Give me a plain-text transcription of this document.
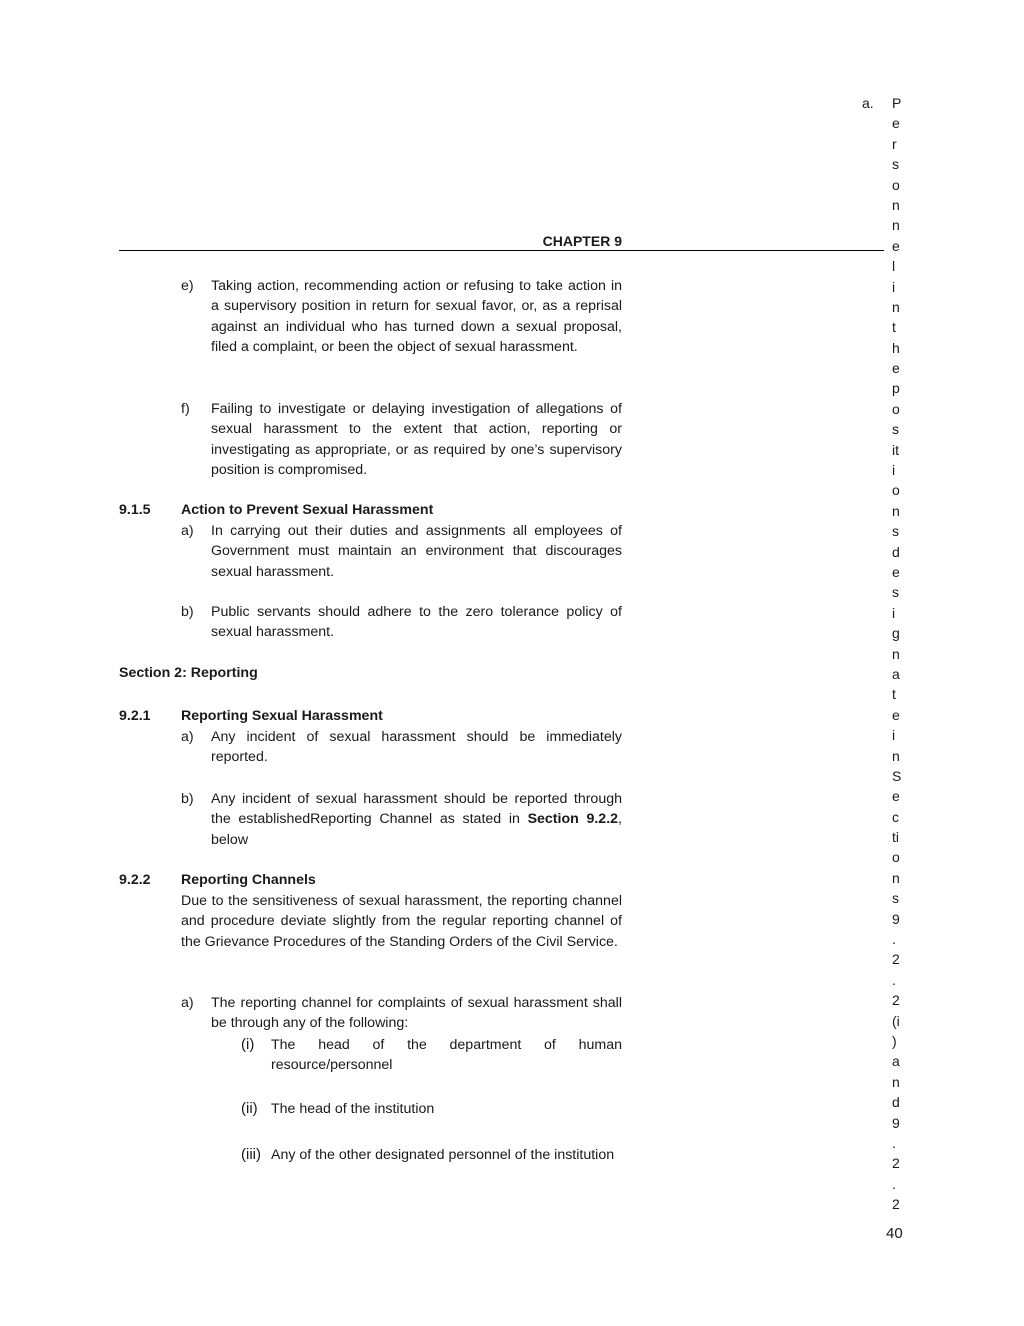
CHAPTER 9
e) Taking action, recommending action or refusing to take action in a supervisory position in return for sexual favor, or, as a reprisal against an individual who has turned down a sexual proposal, filed a complaint, or been the object of sexual harassment.
f) Failing to investigate or delaying investigation of allegations of sexual harassment to the extent that action, reporting or investigating as appropriate, or as required by one’s supervisory position is compromised.
9.1.5 Action to Prevent Sexual Harassment
a) In carrying out their duties and assignments all employees of Government must maintain an environment that discourages sexual harassment.
b) Public servants should adhere to the zero tolerance policy of sexual harassment.
Section 2: Reporting
9.2.1 Reporting Sexual Harassment
a) Any incident of sexual harassment should be immediately reported.
b) Any incident of sexual harassment should be reported through the establishedReporting Channel as stated in Section 9.2.2, below
9.2.2 Reporting Channels
Due to the sensitiveness of sexual harassment, the reporting channel and procedure deviate slightly from the regular reporting channel of the Grievance Procedures of the Standing Orders of the Civil Service.
a) The reporting channel for complaints of sexual harassment shall be through any of the following:
(i) The head of the department of human resource/personnel
(ii) The head of the institution
(iii) Any of the other designated personnel of the institution
a. P
e
r
s
o
n
n
e
l
i
n
t
h
e
p
o
s
it
i
o
n
s
d
e
s
i
g
n
a
t
e
i
n
S
e
c
ti
o
n
s
9
.
2
.
2
(i
)
a
n
d
9
.
2
.
2
40
